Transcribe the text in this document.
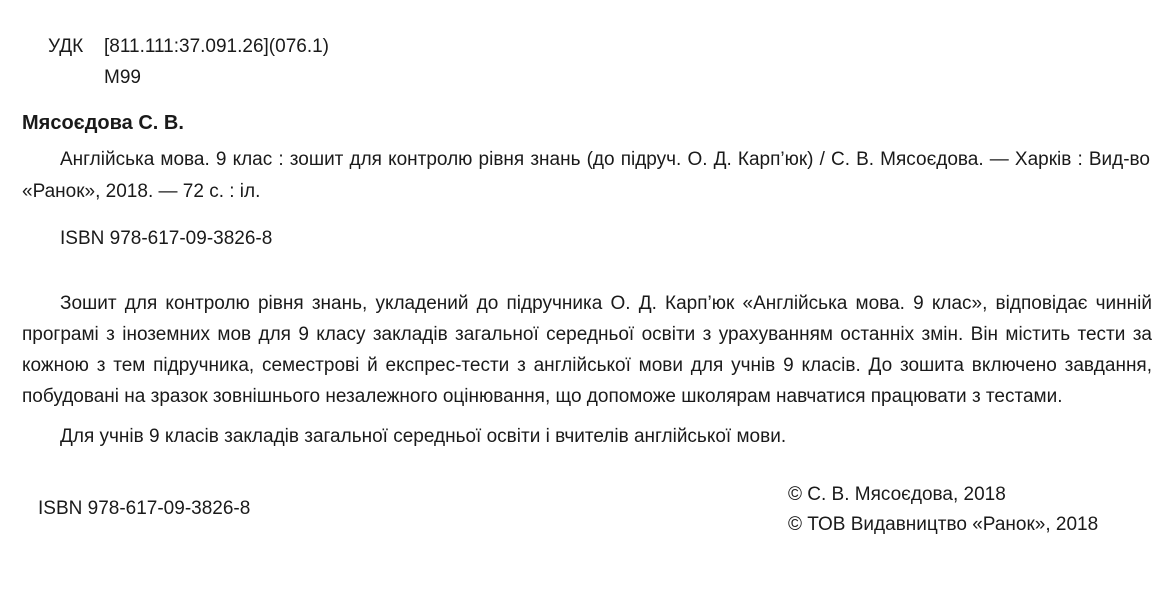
УДК [811.111:37.091.26](076.1)
М99
Мясоєдова С. В.
Англійська мова. 9 клас : зошит для контролю рівня знань (до підруч. О. Д. Карп’юк) / С. В. Мясоєдова. — Харків : Вид-во «Ранок», 2018. — 72 с. : іл.
ISBN 978-617-09-3826-8
Зошит для контролю рівня знань, укладений до підручника О. Д. Карп’юк «Англійська мова. 9 клас», відповідає чинній програмі з іноземних мов для 9 класу закладів загальної середньої освіти з урахуванням останніх змін. Він містить тести за кожною з тем підручника, семестрові й експрес-тести з англійської мови для учнів 9 класів. До зошита включено завдання, побудовані на зразок зовнішнього незалежного оцінювання, що допоможе школярам навчатися працювати з тестами.
Для учнів 9 класів закладів загальної середньої освіти і вчителів англійської мови.
ISBN 978-617-09-3826-8
© С. В. Мясоєдова, 2018
© ТОВ Видавництво «Ранок», 2018
